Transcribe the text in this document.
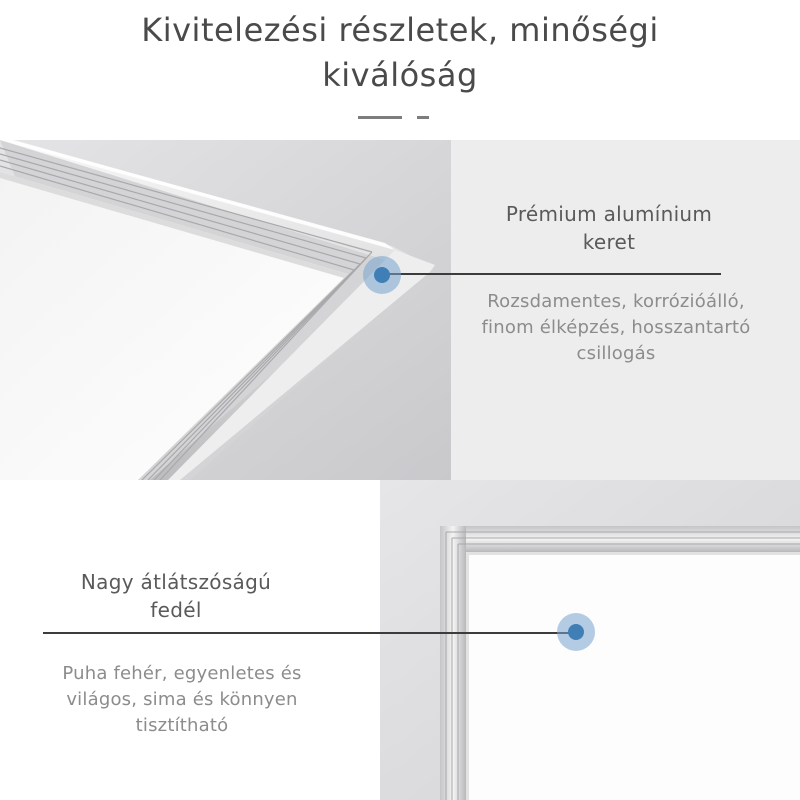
Kivitelezési részletek, minőségi
kiválóság
Prémium alumínium
keret
Rozsdamentes, korrózióálló,
finom élképzés, hosszantartó
csillogás
Nagy átlátszóságú
fedél
Puha fehér, egyenletes és
világos, sima és könnyen
tisztítható
